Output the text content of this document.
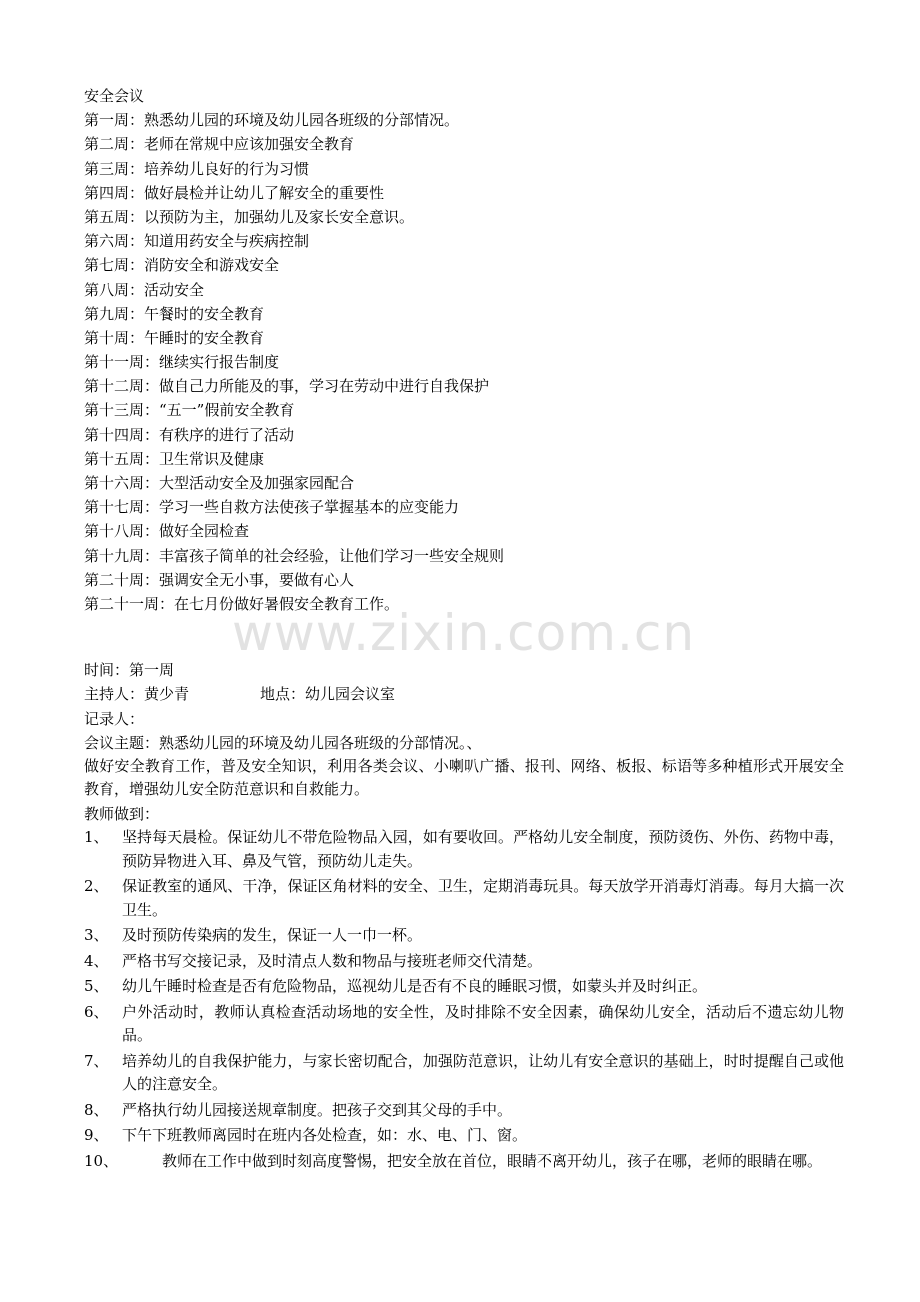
安全会议
第一周：熟悉幼儿园的环境及幼儿园各班级的分部情况。
第二周：老师在常规中应该加强安全教育
第三周：培养幼儿良好的行为习惯
第四周：做好晨检并让幼儿了解安全的重要性
第五周：以预防为主，加强幼儿及家长安全意识。
第六周：知道用药安全与疾病控制
第七周：消防安全和游戏安全
第八周：活动安全
第九周：午餐时的安全教育
第十周：午睡时的安全教育
第十一周：继续实行报告制度
第十二周：做自己力所能及的事，学习在劳动中进行自我保护
第十三周：“五一”假前安全教育
第十四周：有秩序的进行了活动
第十五周：卫生常识及健康
第十六周：大型活动安全及加强家园配合
第十七周：学习一些自救方法使孩子掌握基本的应变能力
第十八周：做好全园检查
第十九周：丰富孩子简单的社会经验，让他们学习一些安全规则
第二十周：强调安全无小事，要做有心人
第二十一周：在七月份做好暑假安全教育工作。
时间：第一周
主持人：黄少青	地点：幼儿园会议室
记录人：
会议主题：熟悉幼儿园的环境及幼儿园各班级的分部情况。、
做好安全教育工作，普及安全知识，利用各类会议、小喇叭广播、报刊、网络、板报、标语等多种植形式开展安全教育，增强幼儿安全防范意识和自救能力。
教师做到：
1、 坚持每天晨检。保证幼儿不带危险物品入园，如有要收回。严格幼儿安全制度，预防烫伤、外伤、药物中毒，预防异物进入耳、鼻及气管，预防幼儿走失。
2、 保证教室的通风、干净，保证区角材料的安全、卫生，定期消毒玩具。每天放学开消毒灯消毒。每月大搞一次卫生。
3、 及时预防传染病的发生，保证一人一巾一杯。
4、 严格书写交接记录，及时清点人数和物品与接班老师交代清楚。
5、 幼儿午睡时检查是否有危险物品，巡视幼儿是否有不良的睡眠习惯，如蒙头并及时纠正。
6、 户外活动时，教师认真检查活动场地的安全性，及时排除不安全因素，确保幼儿安全，活动后不遗忘幼儿物品。
7、 培养幼儿的自我保护能力，与家长密切配合，加强防范意识，让幼儿有安全意识的基础上，时时提醒自己或他人的注意安全。
8、 严格执行幼儿园接送规章制度。把孩子交到其父母的手中。
9、 下午下班教师离园时在班内各处检查，如：水、电、门、窗。
10、	教师在工作中做到时刻高度警惕，把安全放在首位，眼睛不离开幼儿，孩子在哪，老师的眼睛在哪。
www.zixin.com.cn
